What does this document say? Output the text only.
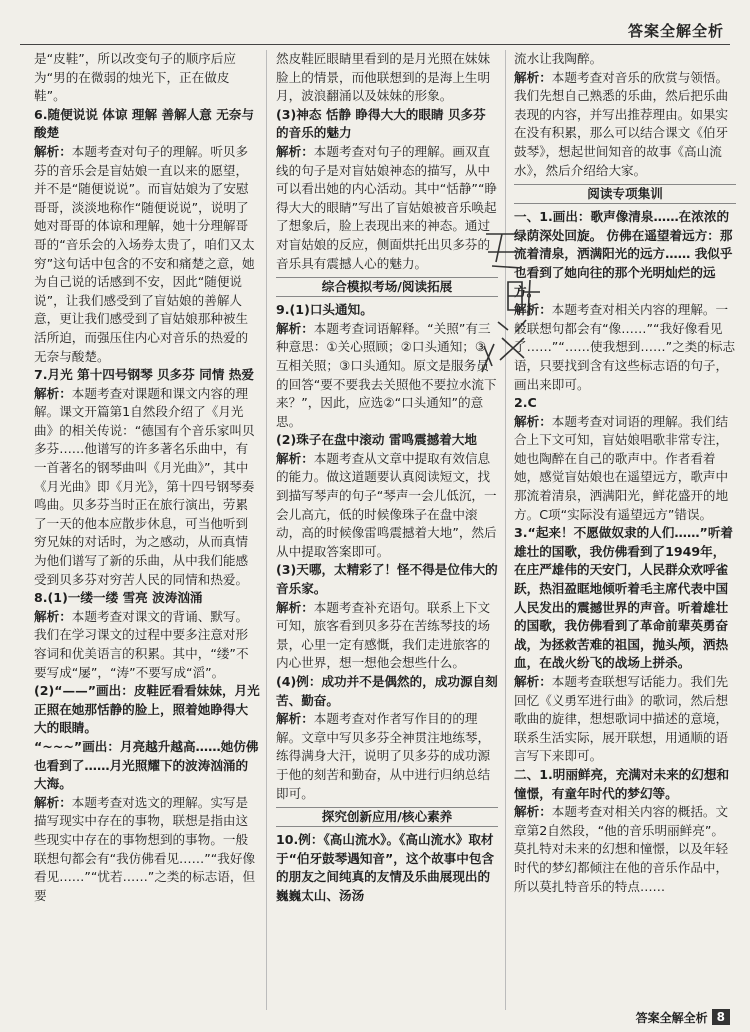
答案全解全析

是“皮鞋”，所以改变句子的顺序后应为“男的在微弱的烛光下，正在做皮鞋”。

6.随便说说 体谅 理解 善解人意 无奈与酸楚

解析：本题考查对句子的理解。听贝多芬的音乐会是盲姑娘一直以来的愿望，并不是“随便说说”。而盲姑娘为了安慰哥哥，淡淡地称作“随便说说”，说明了她对哥哥的体谅和理解，她十分理解哥哥的“音乐会的入场券太贵了，咱们又太穷”这句话中包含的不安和痛楚之意，她为自己说的话感到不安，因此“随便说说”，让我们感受到了盲姑娘的善解人意，更让我们感受到了盲姑娘那种被生活所迫，而强压住内心对音乐的热爱的无奈与酸楚。

7.月光 第十四号钢琴 贝多芬 同情 热爱

解析：本题考查对课题和课文内容的理解。课文开篇第1自然段介绍了《月光曲》的相关传说：“德国有个音乐家叫贝多芬……他谱写的许多著名乐曲中，有一首著名的钢琴曲叫《月光曲》”，其中《月光曲》即《月光》，第十四号钢琴奏鸣曲。贝多芬当时正在旅行演出，劳累了一天的他本应散步休息，可当他听到穷兄妹的对话时，为之感动，从而真情为他们谱写了新的乐曲，从中我们能感受到贝多芬对穷苦人民的同情和热爱。

8.(1)一缕一缕 雪亮 波涛汹涌

解析：本题考查对课文的背诵、默写。我们在学习课文的过程中要多注意对形容词和优美语言的积累。其中，“缕”不要写成“屡”，“涛”不要写成“滔”。

(2)“——”画出：皮鞋匠看看妹妹，月光正照在她那恬静的脸上，照着她睁得大大的眼睛。

“~~~”画出：月亮越升越高……她仿佛也看到了……月光照耀下的波涛汹涌的大海。

解析：本题考查对选文的理解。实写是描写现实中存在的事物，联想是指由这些现实中存在的事物想到的事物。一般联想句都会有“我仿佛看见……”“我好像看见……”“忧若……”之类的标志语，但要

然皮鞋匠眼睛里看到的是月光照在妹妹脸上的情景，而他联想到的是海上生明月，波浪翻涌以及妹妹的形象。

(3)神态 恬静 睁得大大的眼睛 贝多芬的音乐的魅力

解析：本题考查对句子的理解。画双直线的句子是对盲姑娘神态的描写，从中可以看出她的内心活动。其中“恬静”“睁得大大的眼睛”写出了盲姑娘被音乐唤起了想象后，脸上表现出来的神态。通过对盲姑娘的反应，侧面烘托出贝多芬的音乐具有震撼人心的魅力。

综合模拟考场/阅读拓展

9.(1)口头通知。

解析：本题考查词语解释。“关照”有三种意思：①关心照顾；②口头通知；③互相关照；③口头通知。原文是服务员的回答“要不要我去关照他不要拉水流下来？”，因此，应选②“口头通知”的意思。

(2)珠子在盘中滚动 雷鸣震撼着大地

解析：本题考查从文章中提取有效信息的能力。做这道题要认真阅读短文，找到描写琴声的句子“琴声一会儿低沉，一会儿高亢，低的时候像珠子在盘中滚动，高的时候像雷鸣震撼着大地”，然后从中提取答案即可。

(3)天哪，太精彩了！怪不得是位伟大的音乐家。

解析：本题考查补充语句。联系上下文可知，旅客看到贝多芬在苦练琴技的场景，心里一定有感慨，我们走进旅客的内心世界，想一想他会想些什么。

(4)例：成功并不是偶然的，成功源自刻苦、勤奋。

解析：本题考查对作者写作目的的理解。文章中写贝多芬全神贯注地练琴，练得满身大汗，说明了贝多芬的成功源于他的刻苦和勤奋，从中进行归纳总结即可。

探究创新应用/核心素养

10.例：《高山流水》。《高山流水》取材于“伯牙鼓琴遇知音”，这个故事中包含的朋友之间纯真的友情及乐曲展现出的巍巍太山、汤汤

流水让我陶醉。

解析：本题考查对音乐的欣赏与领悟。我们先想自己熟悉的乐曲，然后把乐曲表现的内容，并写出推荐理由。如果实在没有积累，那么可以结合课文《伯牙鼓琴》，想起世间知音的故事《高山流水》，然后介绍给大家。

阅读专项集训

一、1.画出：歌声像清泉……在浓浓的绿荫深处回旋。 仿佛在遥望着远方：那流着清泉，洒满阳光的远方…… 我似乎也看到了她向往的那个光明灿烂的远方。

解析：本题考查对相关内容的理解。一般联想句都会有“像……”“我好像看见了……”“……使我想到……”之类的标志语，只要找到含有这些标志语的句子，画出来即可。

2.C

解析：本题考查对词语的理解。我们结合上下文可知，盲姑娘唱歌非常专注，她也陶醉在自己的歌声中。作者看着她，感觉盲姑娘也在遥望远方，歌声中那流着清泉，洒满阳光，鲜花盛开的地方。C项“实际没有遥望远方”错误。

3.“起来！不愿做奴隶的人们……”听着雄壮的国歌，我仿佛看到了1949年，在庄严雄伟的天安门，人民群众欢呼雀跃，热泪盈眶地倾听着毛主席代表中国人民发出的震撼世界的声音。听着雄壮的国歌，我仿佛看到了革命前辈英勇奋战，为拯救苦难的祖国，抛头颅，洒热血，在战火纷飞的战场上拼杀。

解析：本题考查联想写话能力。我们先回忆《义勇军进行曲》的歌词，然后想歌曲的旋律，想想歌词中描述的意境，联系生活实际，展开联想，用通顺的语言写下来即可。

二、1.明丽鲜亮，充满对未来的幻想和憧憬，有童年时代的梦幻等。

解析：本题考查对相关内容的概括。文章第2自然段，“他的音乐明丽鲜亮”。莫扎特对未来的幻想和憧憬，以及年轻时代的梦幻都倾注在他的音乐作品中，所以莫扎特音乐的特点……

答案全解全析 8
